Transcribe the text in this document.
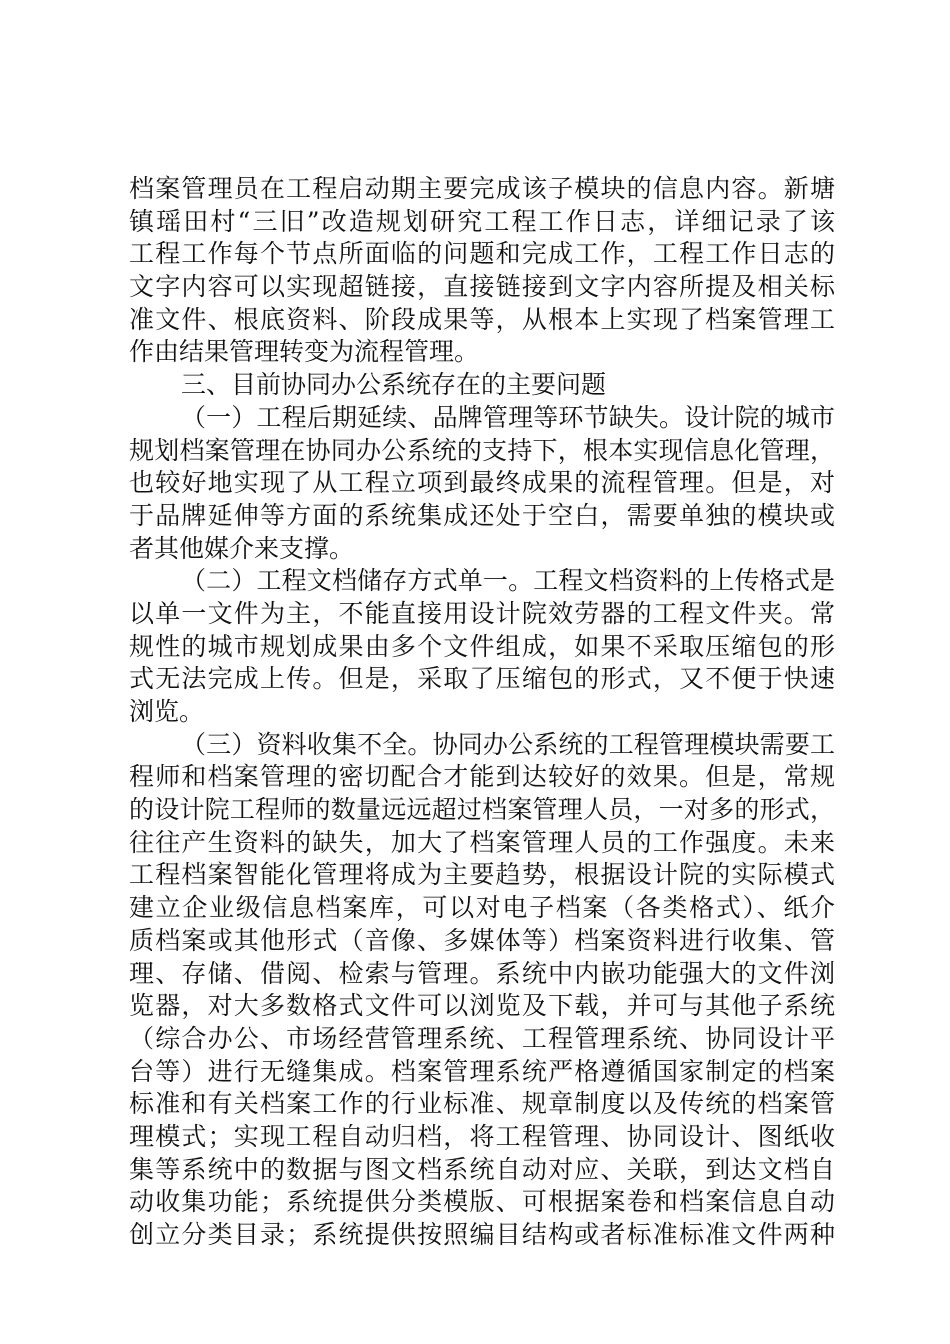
档案管理员在工程启动期主要完成该子模块的信息内容。新塘
镇瑶田村“三旧”改造规划研究工程工作日志，详细记录了该
工程工作每个节点所面临的问题和完成工作，工程工作日志的
文字内容可以实现超链接，直接链接到文字内容所提及相关标
准文件、根底资料、阶段成果等，从根本上实现了档案管理工
作由结果管理转变为流程管理。
三、目前协同办公系统存在的主要问题
（一）工程后期延续、品牌管理等环节缺失。设计院的城市
规划档案管理在协同办公系统的支持下，根本实现信息化管理，
也较好地实现了从工程立项到最终成果的流程管理。但是，对
于品牌延伸等方面的系统集成还处于空白，需要单独的模块或
者其他媒介来支撑。
（二）工程文档储存方式单一。工程文档资料的上传格式是
以单一文件为主，不能直接用设计院效劳器的工程文件夹。常
规性的城市规划成果由多个文件组成，如果不采取压缩包的形
式无法完成上传。但是，采取了压缩包的形式，又不便于快速
浏览。
（三）资料收集不全。协同办公系统的工程管理模块需要工
程师和档案管理的密切配合才能到达较好的效果。但是，常规
的设计院工程师的数量远远超过档案管理人员，一对多的形式，
往往产生资料的缺失，加大了档案管理人员的工作强度。未来
工程档案智能化管理将成为主要趋势，根据设计院的实际模式
建立企业级信息档案库，可以对电子档案（各类格式）、纸介
质档案或其他形式（音像、多媒体等）档案资料进行收集、管
理、存储、借阅、检索与管理。系统中内嵌功能强大的文件浏
览器，对大多数格式文件可以浏览及下载，并可与其他子系统
（综合办公、市场经营管理系统、工程管理系统、协同设计平
台等）进行无缝集成。档案管理系统严格遵循国家制定的档案
标准和有关档案工作的行业标准、规章制度以及传统的档案管
理模式；实现工程自动归档，将工程管理、协同设计、图纸收
集等系统中的数据与图文档系统自动对应、关联，到达文档自
动收集功能；系统提供分类模版、可根据案卷和档案信息自动
创立分类目录；系统提供按照编目结构或者标准标准文件两种
